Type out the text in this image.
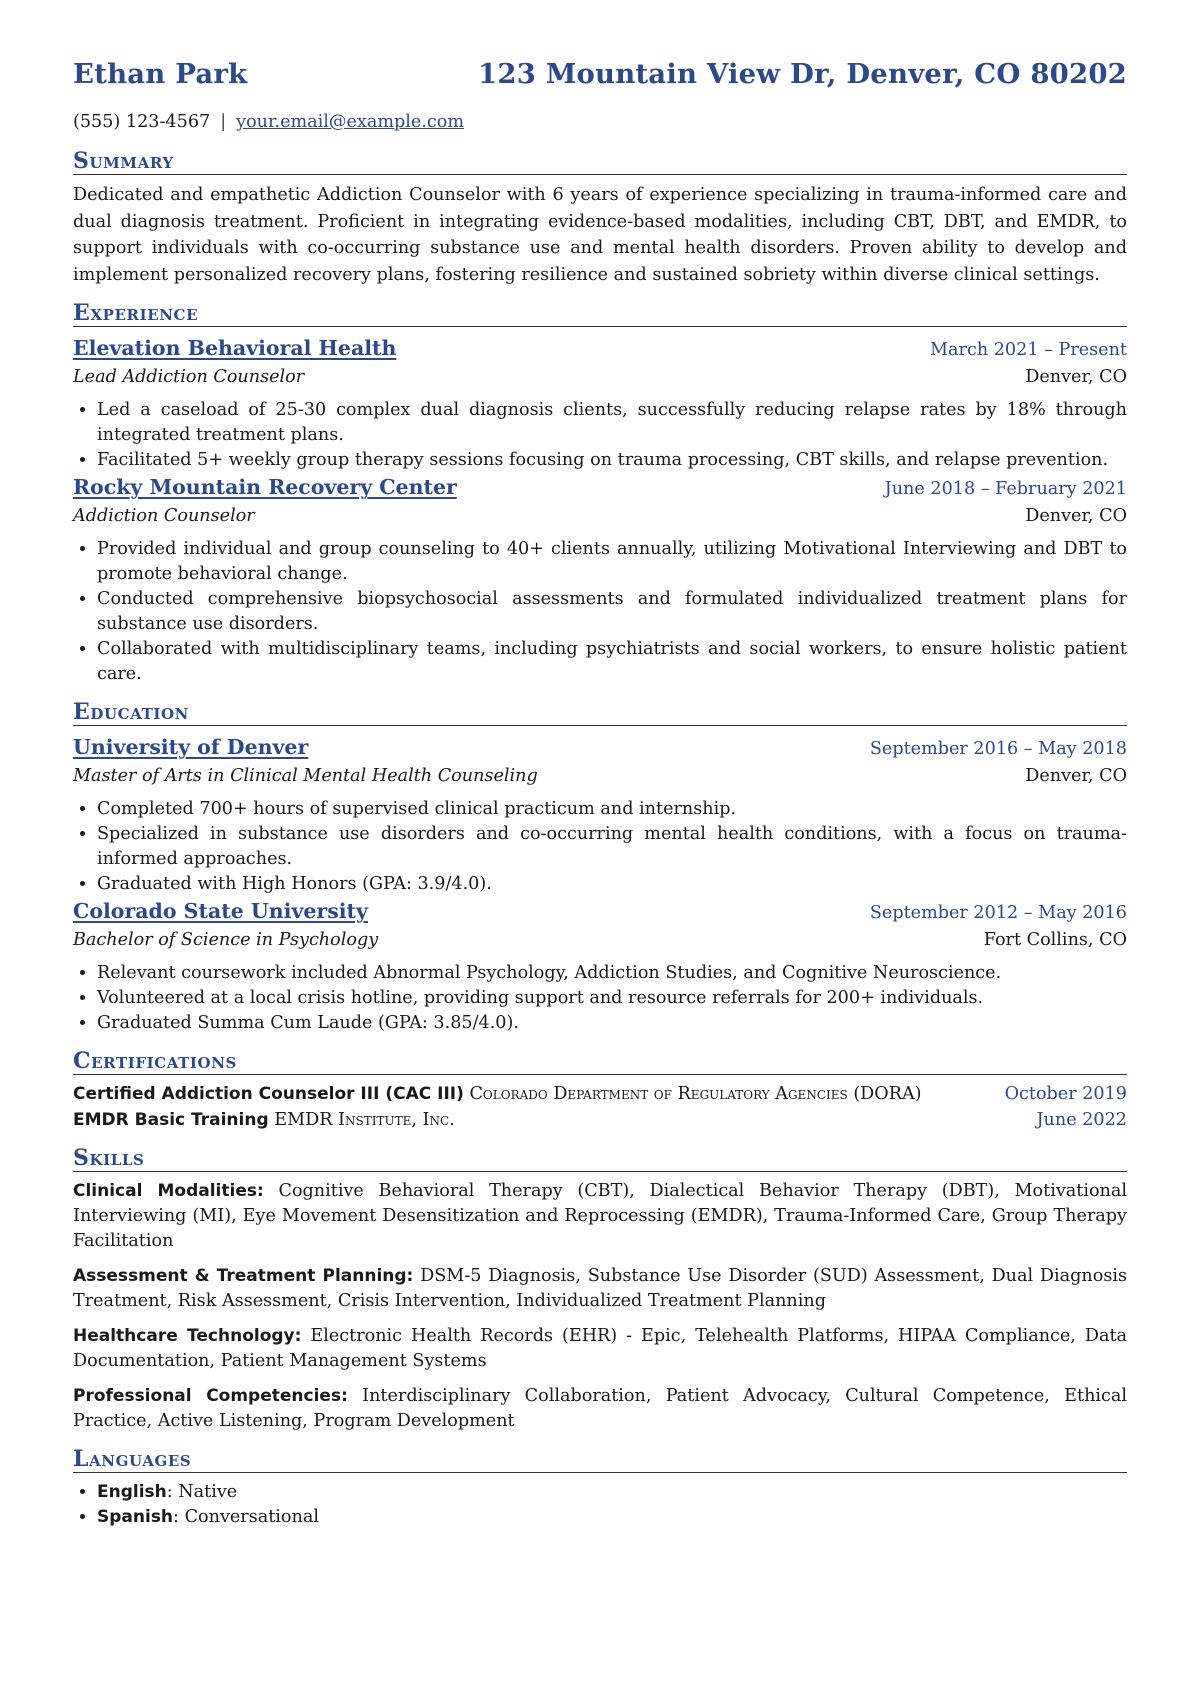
Ethan Park	123 Mountain View Dr, Denver, CO 80202
(555) 123-4567 | your.email@example.com
Summary
Dedicated and empathetic Addiction Counselor with 6 years of experience specializing in trauma-informed care and dual diagnosis treatment. Proficient in integrating evidence-based modalities, including CBT, DBT, and EMDR, to support individuals with co-occurring substance use and mental health disorders. Proven ability to develop and implement personalized recovery plans, fostering resilience and sustained sobriety within diverse clinical settings.
Experience
Elevation Behavioral Health	March 2021 – Present
Lead Addiction Counselor	Denver, CO
• Led a caseload of 25-30 complex dual diagnosis clients, successfully reducing relapse rates by 18% through integrated treatment plans.
• Facilitated 5+ weekly group therapy sessions focusing on trauma processing, CBT skills, and relapse prevention.
Rocky Mountain Recovery Center	June 2018 – February 2021
Addiction Counselor	Denver, CO
• Provided individual and group counseling to 40+ clients annually, utilizing Motivational Interviewing and DBT to promote behavioral change.
• Conducted comprehensive biopsychosocial assessments and formulated individualized treatment plans for substance use disorders.
• Collaborated with multidisciplinary teams, including psychiatrists and social workers, to ensure holistic patient care.
Education
University of Denver	September 2016 – May 2018
Master of Arts in Clinical Mental Health Counseling	Denver, CO
• Completed 700+ hours of supervised clinical practicum and internship.
• Specialized in substance use disorders and co-occurring mental health conditions, with a focus on trauma-informed approaches.
• Graduated with High Honors (GPA: 3.9/4.0).
Colorado State University	September 2012 – May 2016
Bachelor of Science in Psychology	Fort Collins, CO
• Relevant coursework included Abnormal Psychology, Addiction Studies, and Cognitive Neuroscience.
• Volunteered at a local crisis hotline, providing support and resource referrals for 200+ individuals.
• Graduated Summa Cum Laude (GPA: 3.85/4.0).
Certifications
Certified Addiction Counselor III (CAC III) Colorado Department of Regulatory Agencies (DORA)	October 2019
EMDR Basic Training EMDR Institute, Inc.	June 2022
Skills
Clinical Modalities: Cognitive Behavioral Therapy (CBT), Dialectical Behavior Therapy (DBT), Motivational Interviewing (MI), Eye Movement Desensitization and Reprocessing (EMDR), Trauma-Informed Care, Group Therapy Facilitation
Assessment & Treatment Planning: DSM-5 Diagnosis, Substance Use Disorder (SUD) Assessment, Dual Diagnosis Treatment, Risk Assessment, Crisis Intervention, Individualized Treatment Planning
Healthcare Technology: Electronic Health Records (EHR) - Epic, Telehealth Platforms, HIPAA Compliance, Data Documentation, Patient Management Systems
Professional Competencies: Interdisciplinary Collaboration, Patient Advocacy, Cultural Competence, Ethical Practice, Active Listening, Program Development
Languages
• English: Native
• Spanish: Conversational
